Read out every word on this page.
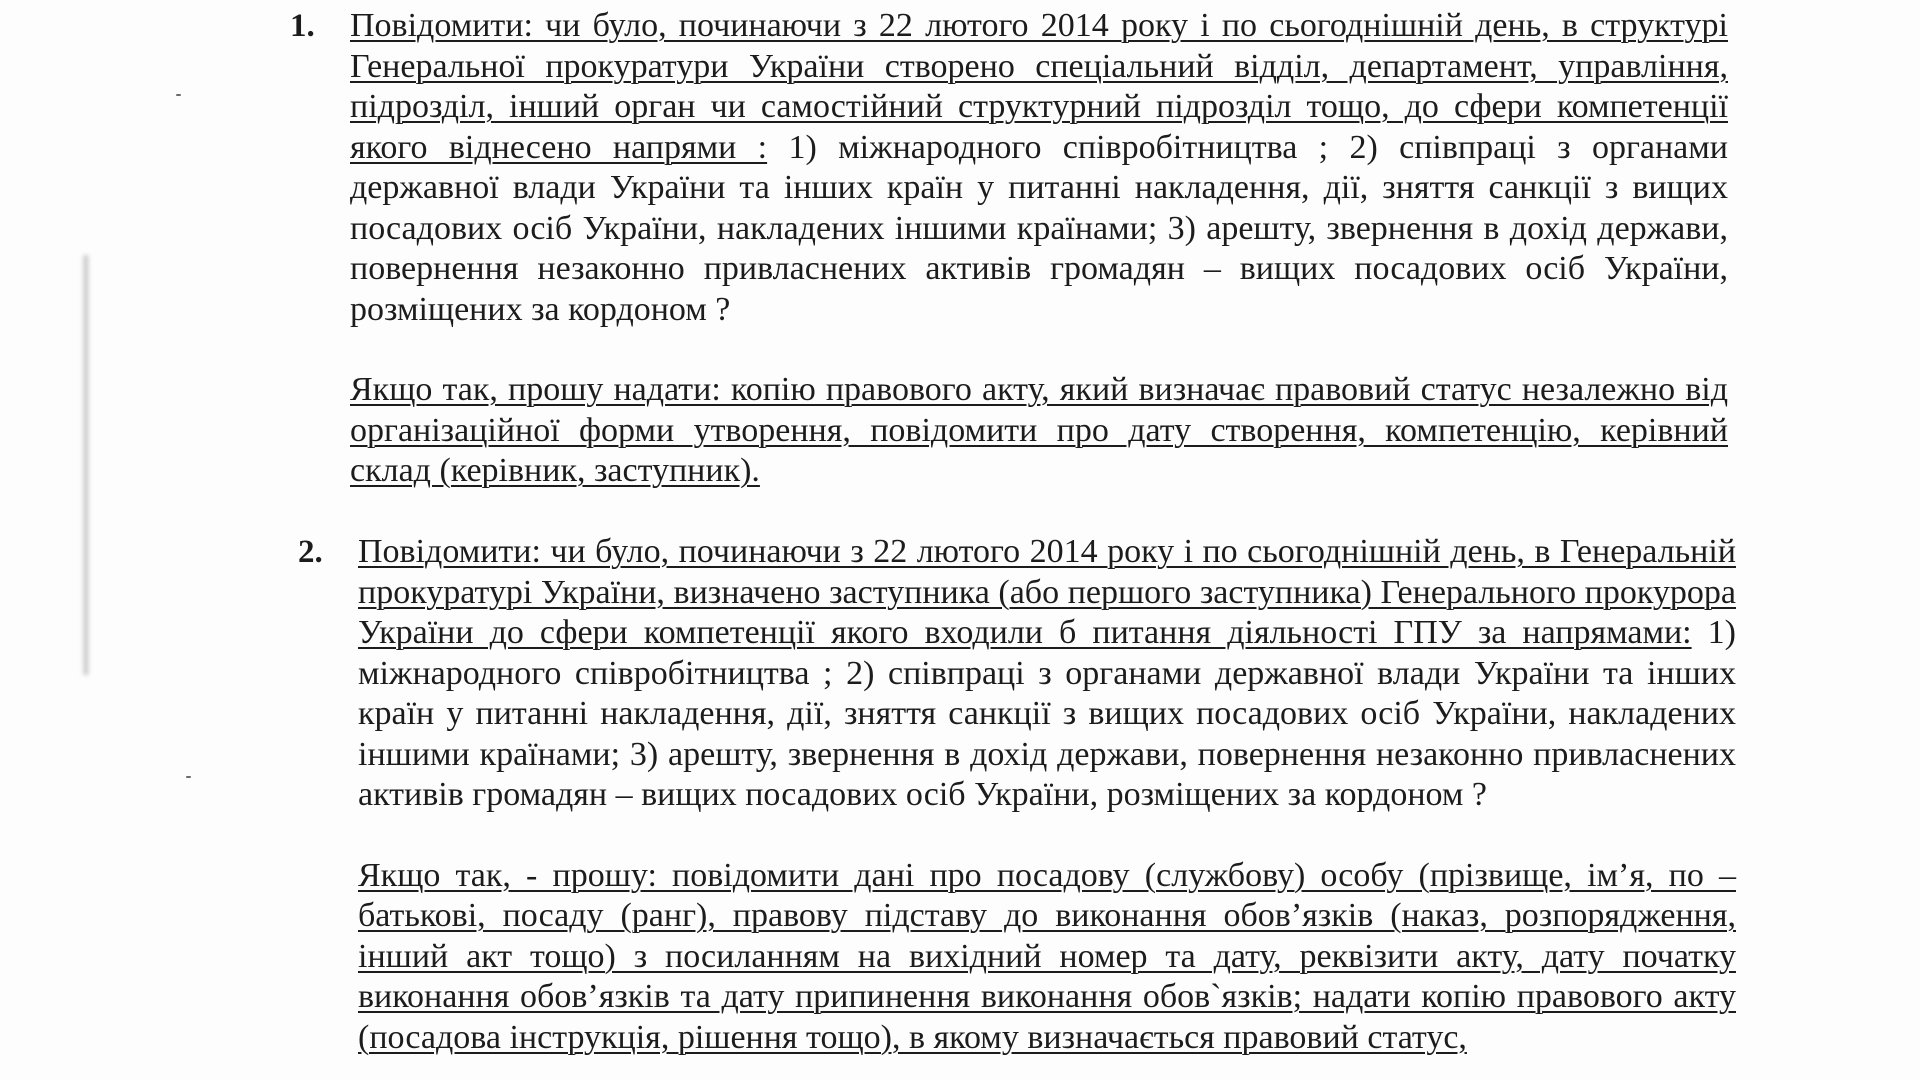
1. Повідомити: чи було, починаючи з 22 лютого 2014 року і по сьогоднішній день, в структурі Генеральної прокуратури України створено спеціальний відділ, департамент, управління, підрозділ, інший орган чи самостійний структурний підрозділ тощо, до сфери компетенції якого віднесено напрями : 1) міжнародного співробітництва ; 2) співпраці з органами державної влади України та інших країн у питанні накладення, дії, зняття санкції з вищих посадових осіб України, накладених іншими країнами; 3) арешту, звернення в дохід держави, повернення незаконно привласнених активів громадян – вищих посадових осіб України, розміщених за кордоном ?

Якщо так, прошу надати: копію правового акту, який визначає правовий статус незалежно від організаційної форми утворення, повідомити про дату створення, компетенцію, керівний склад (керівник, заступник).

2. Повідомити: чи було, починаючи з 22 лютого 2014 року і по сьогоднішній день, в Генеральній прокуратурі України, визначено заступника (або першого заступника) Генерального прокурора України до сфери компетенції якого входили б питання діяльності ГПУ за напрямами: 1) міжнародного співробітництва ; 2) співпраці з органами державної влади України та інших країн у питанні накладення, дії, зняття санкції з вищих посадових осіб України, накладених іншими країнами; 3) арешту, звернення в дохід держави, повернення незаконно привласнених активів громадян – вищих посадових осіб України, розміщених за кордоном ?

Якщо так, - прошу: повідомити дані про посадову (службову) особу (прізвище, ім’я, по – батькові, посаду (ранг), правову підставу до виконання обов’язків (наказ, розпорядження, інший акт тощо) з посиланням на вихідний номер та дату, реквізити акту, дату початку виконання обов’язків та дату припинення виконання обов`язків; надати копію правового акту (посадова інструкція, рішення тощо), в якому визначається правовий статус,
